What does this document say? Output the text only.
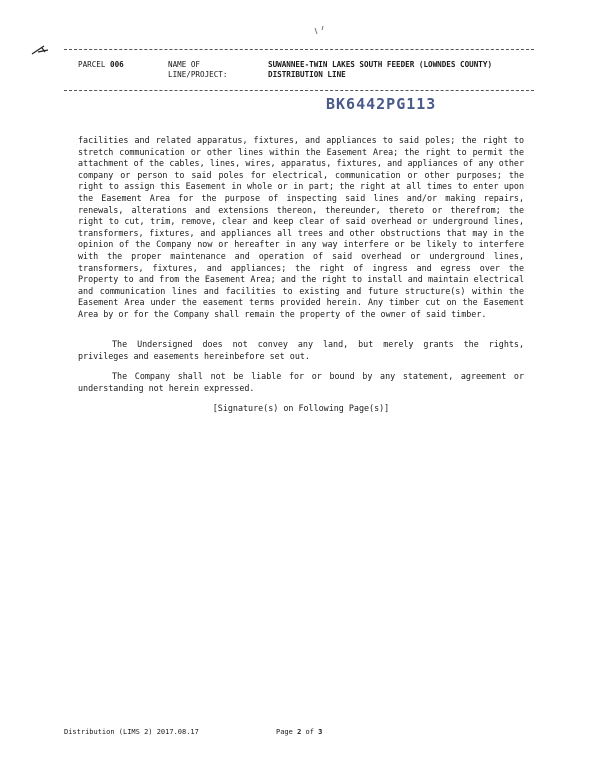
PARCEL 006	NAME OF
LINE/PROJECT:
SUWANNEE-TWIN LAKES SOUTH FEEDER (LOWNDES COUNTY)
DISTRIBUTION LINE
BK6442PG113

facilities and related apparatus, fixtures, and appliances to said poles; the right to stretch communication or other lines within the Easement Area; the right to permit the attachment of the cables, lines, wires, apparatus, fixtures, and appliances of any other company or person to said poles for electrical, communication or other purposes; the right to assign this Easement in whole or in part; the right at all times to enter upon the Easement Area for the purpose of inspecting said lines and/or making repairs, renewals, alterations and extensions thereon, thereunder, thereto or therefrom; the right to cut, trim, remove, clear and keep clear of said overhead or underground lines, transformers, fixtures, and appliances all trees and other obstructions that may in the opinion of the Company now or hereafter in any way interfere or be likely to interfere with the proper maintenance and operation of said overhead or underground lines, transformers, fixtures, and appliances; the right of ingress and egress over the Property to and from the Easement Area; and the right to install and maintain electrical and communication lines and facilities to existing and future structure(s) within the Easement Area under the easement terms provided herein. Any timber cut on the Easement Area by or for the Company shall remain the property of the owner of said timber.

The Undersigned does not convey any land, but merely grants the rights, privileges and easements hereinbefore set out.

The Company shall not be liable for or bound by any statement, agreement or understanding not herein expressed.

[Signature(s) on Following Page(s)]
Distribution (LIMS 2) 2017.08.17	Page 2 of 3
